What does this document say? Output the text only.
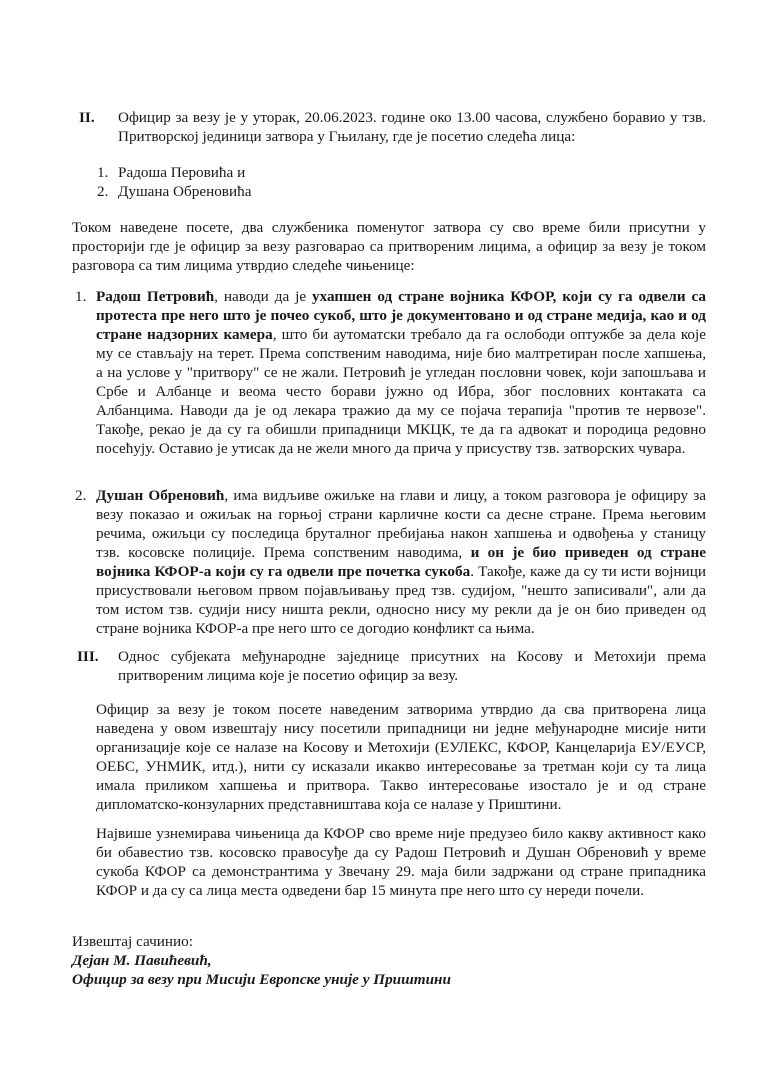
II. Официр за везу је у уторак, 20.06.2023. године око 13.00 часова, службено боравио у тзв. Притворској јединици затвора у Гњилану, где је посетио следећа лица:
1. Радоша Перовића и
2. Душана Обреновића
Током наведене посете, два службеника поменутог затвора су сво време били присутни у просторији где је официр за везу разговарао са притвореним лицима, а официр за везу је током разговора са тим лицима утврдио следеће чињенице:
1. Радош Петровић, наводи да је ухапшен од стране војника КФОР, који су га одвели са протеста пре него што је почео сукоб, што је документовано и од стране медија, као и од стране надзорних камера, што би аутоматски требало да га ослободи оптужбе за дела које му се стављају на терет. Према сопственим наводима, није био малтретиран после хапшења, а на услове у "притвору" се не жали. Петровић је угледан пословни човек, који запошљава и Србе и Албанце и веома често борави јужно од Ибра, због пословних контаката са Албанцима. Наводи да је од лекара тражио да му се појача терапија "против те нервозе". Такође, рекао је да су га обишли припадници МКЦК, те да га адвокат и породица редовно посећују. Оставио је утисак да не жели много да прича у присуству тзв. затворских чувара.
2. Душан Обреновић, има видљиве ожиљке на глави и лицу, а током разговора је официру за везу показао и ожиљак на горњој страни карличне кости са десне стране. Према његовим речима, ожиљци су последица бруталног пребијања након хапшења и одвођења у станицу тзв. косовске полиције. Према сопственим наводима, и он је био приведен од стране војника КФОР-а који су га одвели пре почетка сукоба. Такође, каже да су ти исти војници присуствовали његовом првом појављивању пред тзв. судијом, "нешто записивали", али да том истом тзв. судији нису ништа рекли, односно нису му рекли да је он био приведен од стране војника КФОР-а пре него што се догодио конфликт са њима.
III. Однос субјеката међународне заједнице присутних на Косову и Метохији према притвореним лицима које је посетио официр за везу.
Официр за везу је током посете наведеним затворима утврдио да сва притворена лица наведена у овом извештају нису посетили припадници ни једне међународне мисије нити организације које се налазе на Косову и Метохији (ЕУЛЕКС, КФОР, Канцеларија ЕУ/ЕУСР, ОЕБС, УНМИК, итд.), нити су исказали икакво интересовање за третман који су та лица имала приликом хапшења и притвора. Такво интересовање изостало је и од стране дипломатско-конзуларних представништава која се налазе у Приштини.
Највише узнемирава чињеница да КФОР сво време није предузео било какву активност како би обавестио тзв. косовско правосуђе да су Радош Петровић и Душан Обреновић у време сукоба КФОР са демонстрантима у Звечану 29. маја били задржани од стране припадника КФОР и да су са лица места одведени бар 15 минута пре него што су нереди почели.
Извештај сачинио:
Дејан М. Павићевић,
Официр за везу при Мисији Европске уније у Приштини
